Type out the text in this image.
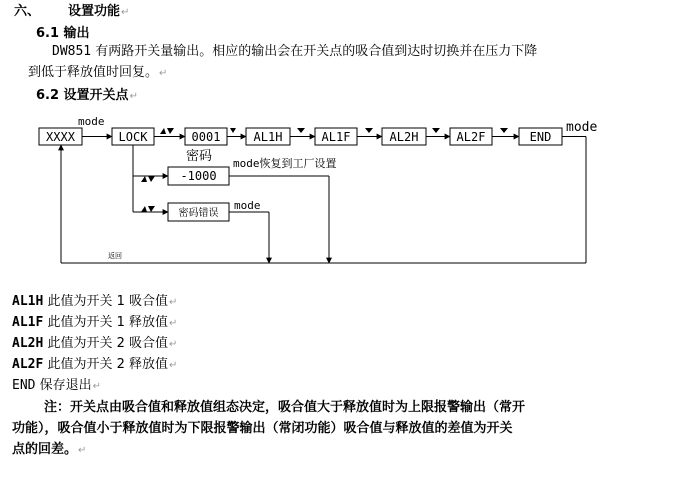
六、 设置功能↵
6.1 输出
DW851 有两路开关量输出。相应的输出会在开关点的吸合值到达时切换并在压力下降
到低于释放值时回复。↵
6.2 设置开关点↵
XXXX	LOCK	0001	AL1H	AL1F	AL2H	AL2F	END
mode	mode
密码
-1000
mode恢复到工厂设置
密码错误
mode
返回
AL1H 此值为开关 1 吸合值↵
AL1F 此值为开关 1 释放值↵
AL2H 此值为开关 2 吸合值↵
AL2F 此值为开关 2 释放值↵
END 保存退出↵
注：开关点由吸合值和释放值组态决定，吸合值大于释放值时为上限报警输出（常开
功能），吸合值小于释放值时为下限报警输出（常闭功能）吸合值与释放值的差值为开关
点的回差。↵
